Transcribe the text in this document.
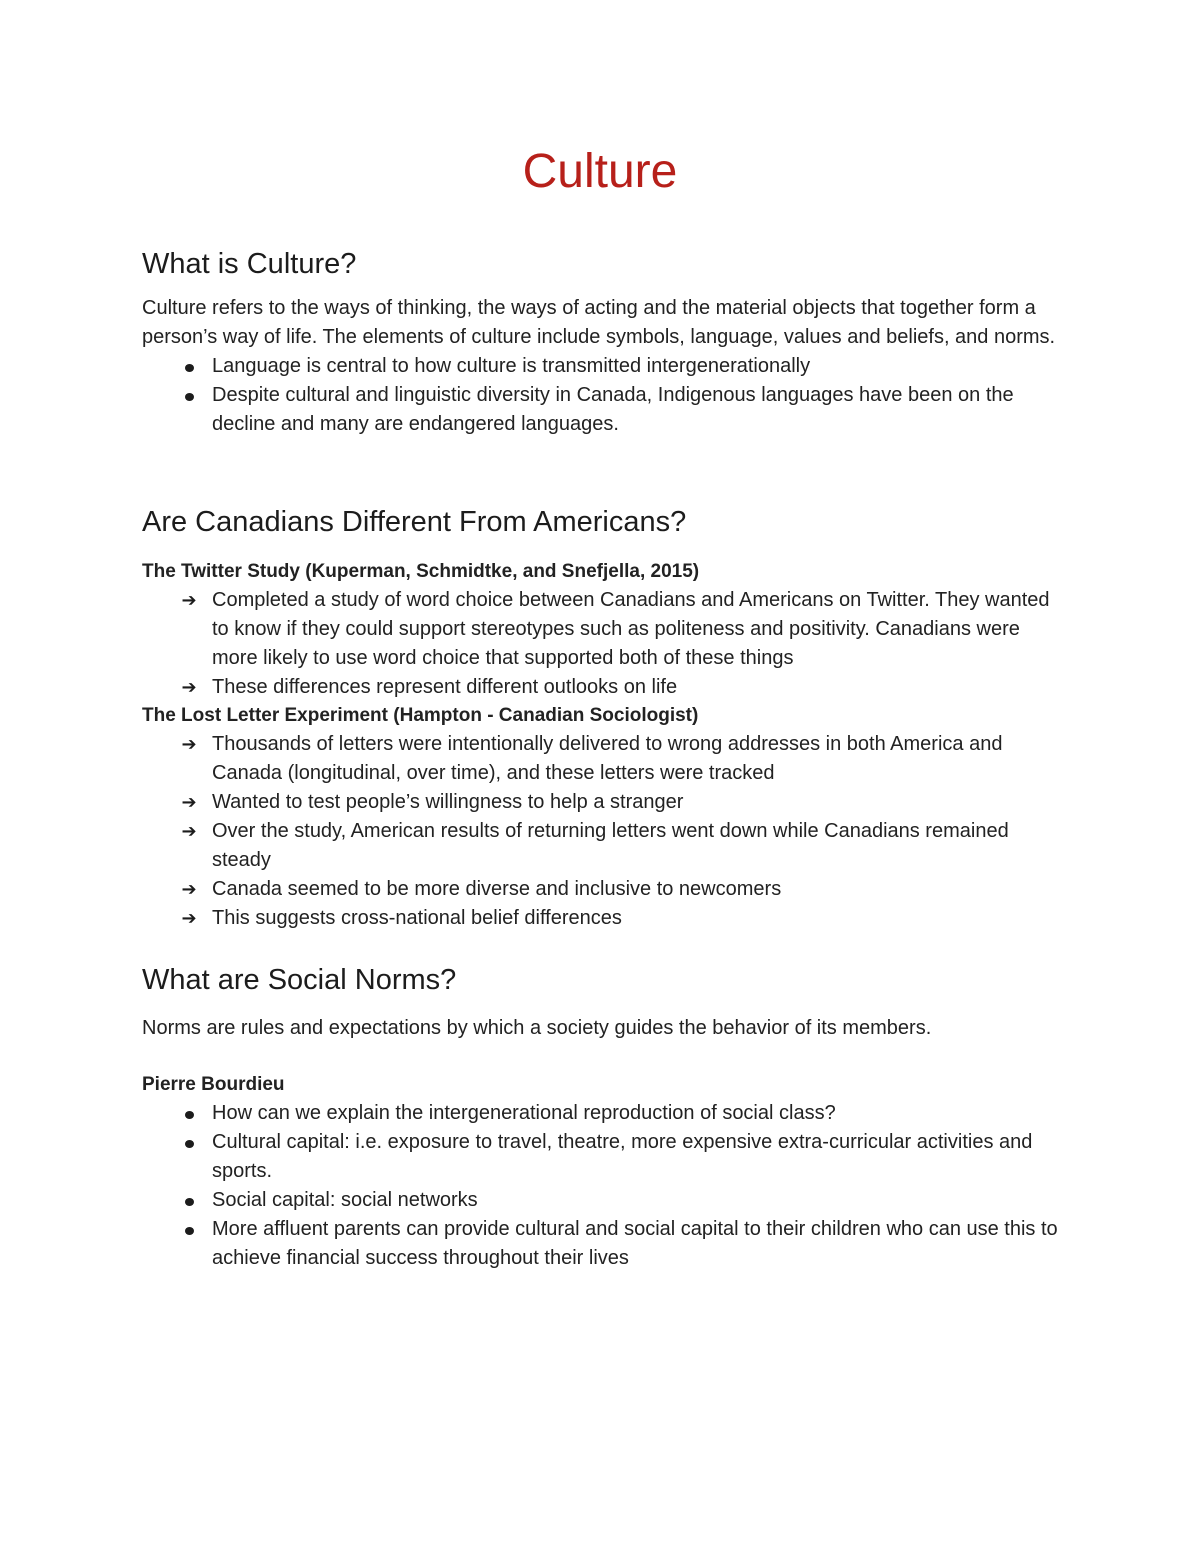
Culture
What is Culture?

Culture refers to the ways of thinking, the ways of acting and the material objects that together form a person’s way of life. The elements of culture include symbols, language, values and beliefs, and norms.

Language is central to how culture is transmitted intergenerationally
Despite cultural and linguistic diversity in Canada, Indigenous languages have been on the decline and many are endangered languages.
Are Canadians Different From Americans?

The Twitter Study (Kuperman, Schmidtke, and Snefjella, 2015)

➔ Completed a study of word choice between Canadians and Americans on Twitter. They wanted to know if they could support stereotypes such as politeness and positivity. Canadians were more likely to use word choice that supported both of these things
➔ These differences represent different outlooks on life

The Lost Letter Experiment (Hampton - Canadian Sociologist)

➔ Thousands of letters were intentionally delivered to wrong addresses in both America and Canada (longitudinal, over time), and these letters were tracked
➔ Wanted to test people’s willingness to help a stranger
➔ Over the study, American results of returning letters went down while Canadians remained steady
➔ Canada seemed to be more diverse and inclusive to newcomers
➔ This suggests cross-national belief differences
What are Social Norms?

Norms are rules and expectations by which a society guides the behavior of its members.

Pierre Bourdieu

How can we explain the intergenerational reproduction of social class?
Cultural capital: i.e. exposure to travel, theatre, more expensive extra-curricular activities and sports.
Social capital: social networks
More affluent parents can provide cultural and social capital to their children who can use this to achieve financial success throughout their lives
